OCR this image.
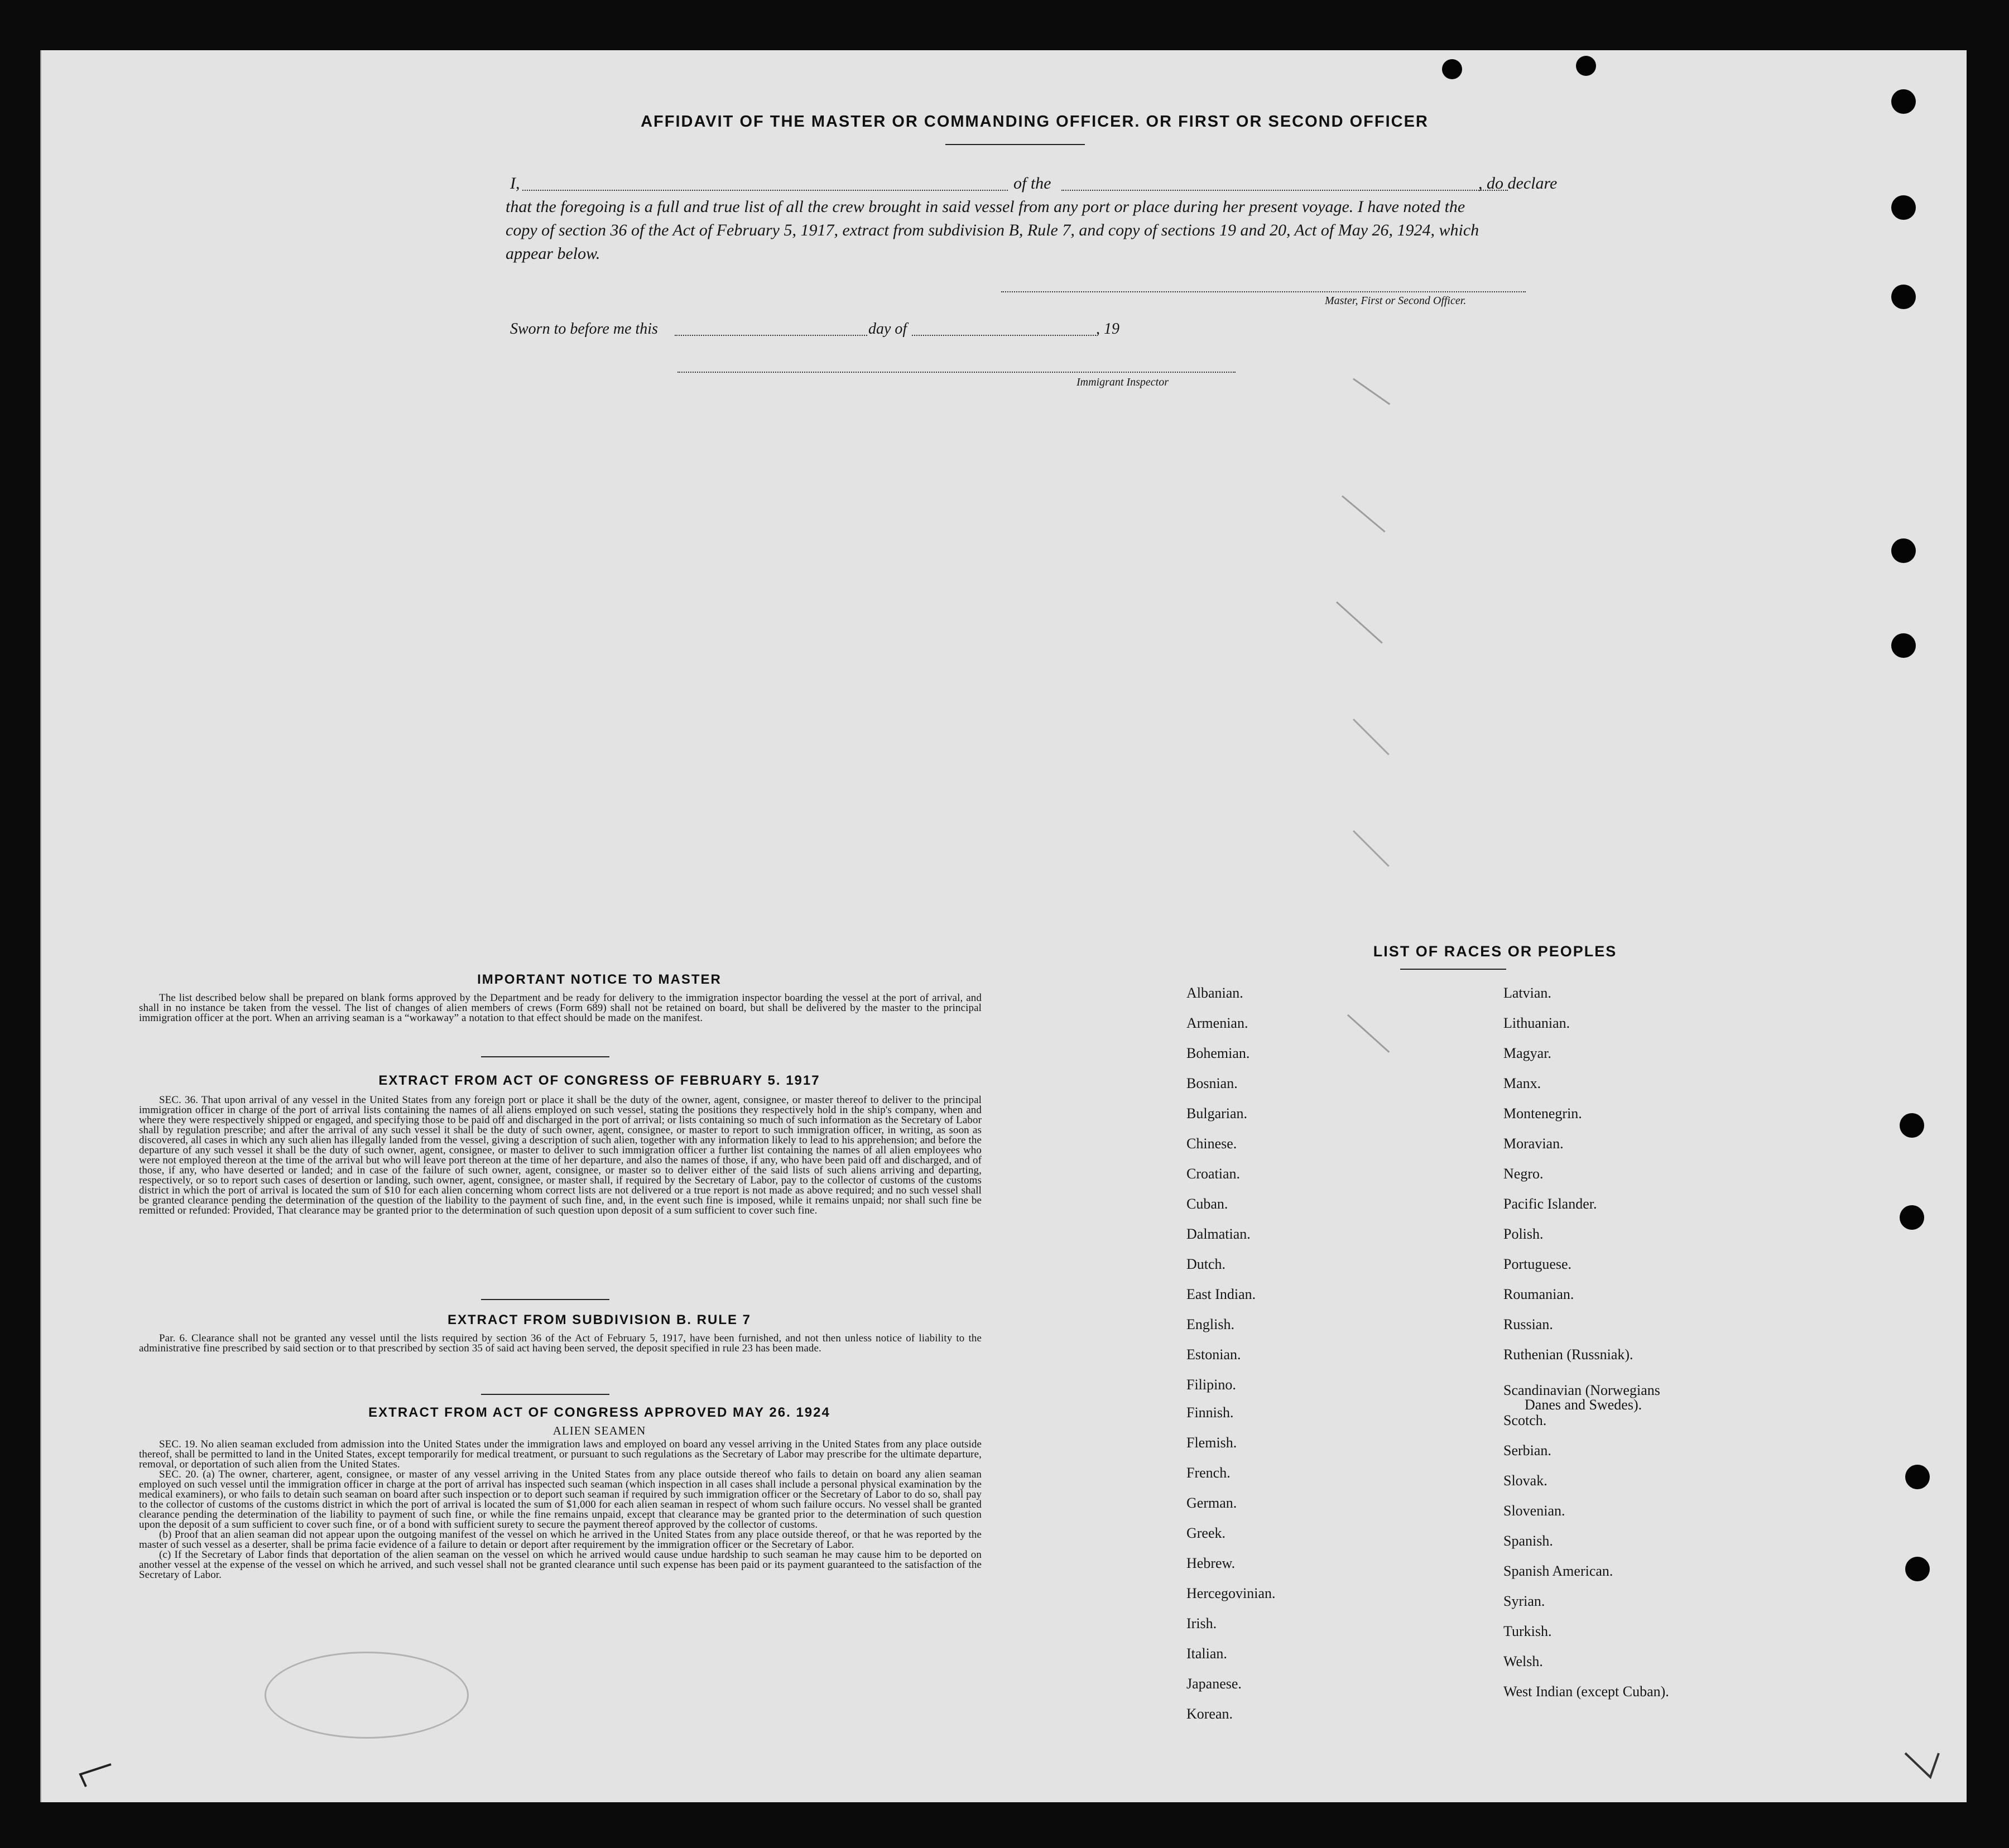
AFFIDAVIT OF THE MASTER OR COMMANDING OFFICER. OR FIRST OR SECOND OFFICER
I,	of the	, do declare
that the foregoing is a full and true list of all the crew brought in said vessel from any port or place during her present voyage. I have noted the
copy of section 36 of the Act of February 5, 1917, extract from subdivision B, Rule 7, and copy of sections 19 and 20, Act of May 26, 1924, which
appear below.
Master, First or Second Officer.
Sworn to before me this	day of	, 19
Immigrant Inspector
IMPORTANT NOTICE TO MASTER

The list described below shall be prepared on blank forms approved by the Department and be ready for delivery to the immigration inspector boarding the vessel at the port of arrival, and shall in no instance be taken from the vessel. The list of changes of alien members of crews (Form 689) shall not be retained on board, but shall be delivered by the master to the principal immigration officer at the port. When an arriving seaman is a “workaway” a notation to that effect should be made on the manifest.

EXTRACT FROM ACT OF CONGRESS OF FEBRUARY 5. 1917

SEC. 36. That upon arrival of any vessel in the United States from any foreign port or place it shall be the duty of the owner, agent, consignee, or master thereof to deliver to the principal immigration officer in charge of the port of arrival lists containing the names of all aliens employed on such vessel, stating the positions they respectively hold in the ship's company, when and where they were respectively shipped or engaged, and specifying those to be paid off and discharged in the port of arrival; or lists containing so much of such information as the Secretary of Labor shall by regulation prescribe; and after the arrival of any such vessel it shall be the duty of such owner, agent, consignee, or master to report to such immigration officer, in writing, as soon as discovered, all cases in which any such alien has illegally landed from the vessel, giving a description of such alien, together with any information likely to lead to his apprehension; and before the departure of any such vessel it shall be the duty of such owner, agent, consignee, or master to deliver to such immigration officer a further list containing the names of all alien employees who were not employed thereon at the time of the arrival but who will leave port thereon at the time of her departure, and also the names of those, if any, who have been paid off and discharged, and of those, if any, who have deserted or landed; and in case of the failure of such owner, agent, consignee, or master so to deliver either of the said lists of such aliens arriving and departing, respectively, or so to report such cases of desertion or landing, such owner, agent, consignee, or master shall, if required by the Secretary of Labor, pay to the collector of customs of the customs district in which the port of arrival is located the sum of $10 for each alien concerning whom correct lists are not delivered or a true report is not made as above required; and no such vessel shall be granted clearance pending the determination of the question of the liability to the payment of such fine, and, in the event such fine is imposed, while it remains unpaid; nor shall such fine be remitted or refunded: Provided, That clearance may be granted prior to the determination of such question upon deposit of a sum sufficient to cover such fine.

EXTRACT FROM SUBDIVISION B. RULE 7

Par. 6. Clearance shall not be granted any vessel until the lists required by section 36 of the Act of February 5, 1917, have been furnished, and not then unless notice of liability to the administrative fine prescribed by said section or to that prescribed by section 35 of said act having been served, the deposit specified in rule 23 has been made.

EXTRACT FROM ACT OF CONGRESS APPROVED MAY 26. 1924
ALIEN SEAMEN

SEC. 19. No alien seaman excluded from admission into the United States under the immigration laws and employed on board any vessel arriving in the United States from any place outside thereof, shall be permitted to land in the United States, except temporarily for medical treatment, or pursuant to such regulations as the Secretary of Labor may prescribe for the ultimate departure, removal, or deportation of such alien from the United States.
SEC. 20. (a) The owner, charterer, agent, consignee, or master of any vessel arriving in the United States from any place outside thereof who fails to detain on board any alien seaman employed on such vessel until the immigration officer in charge at the port of arrival has inspected such seaman (which inspection in all cases shall include a personal physical examination by the medical examiners), or who fails to detain such seaman on board after such inspection or to deport such seaman if required by such immigration officer or the Secretary of Labor to do so, shall pay to the collector of customs of the customs district in which the port of arrival is located the sum of $1,000 for each alien seaman in respect of whom such failure occurs. No vessel shall be granted clearance pending the determination of the liability to payment of such fine, or while the fine remains unpaid, except that clearance may be granted prior to the determination of such question upon the deposit of a sum sufficient to cover such fine, or of a bond with sufficient surety to secure the payment thereof approved by the collector of customs.
(b) Proof that an alien seaman did not appear upon the outgoing manifest of the vessel on which he arrived in the United States from any place outside thereof, or that he was reported by the master of such vessel as a deserter, shall be prima facie evidence of a failure to detain or deport after requirement by the immigration officer or the Secretary of Labor.
(c) If the Secretary of Labor finds that deportation of the alien seaman on the vessel on which he arrived would cause undue hardship to such seaman he may cause him to be deported on another vessel at the expense of the vessel on which he arrived, and such vessel shall not be granted clearance until such expense has been paid or its payment guaranteed to the satisfaction of the Secretary of Labor.

LIST OF RACES OR PEOPLES
Albanian.
Armenian.
Bohemian.
Bosnian.
Bulgarian.
Chinese.
Croatian.
Cuban.
Dalmatian.
Dutch.
East Indian.
English.
Estonian.
Filipino.
Finnish.
Flemish.
French.
German.
Greek.
Hebrew.
Hercegovinian.
Irish.
Italian.
Japanese.
Korean.
Latvian.
Lithuanian.
Magyar.
Manx.
Montenegrin.
Moravian.
Negro.
Pacific Islander.
Polish.
Portuguese.
Roumanian.
Russian.
Ruthenian (Russniak).
Scandinavian (Norwegians
Danes and Swedes).
Scotch.
Serbian.
Slovak.
Slovenian.
Spanish.
Spanish American.
Syrian.
Turkish.
Welsh.
West Indian (except Cuban).
